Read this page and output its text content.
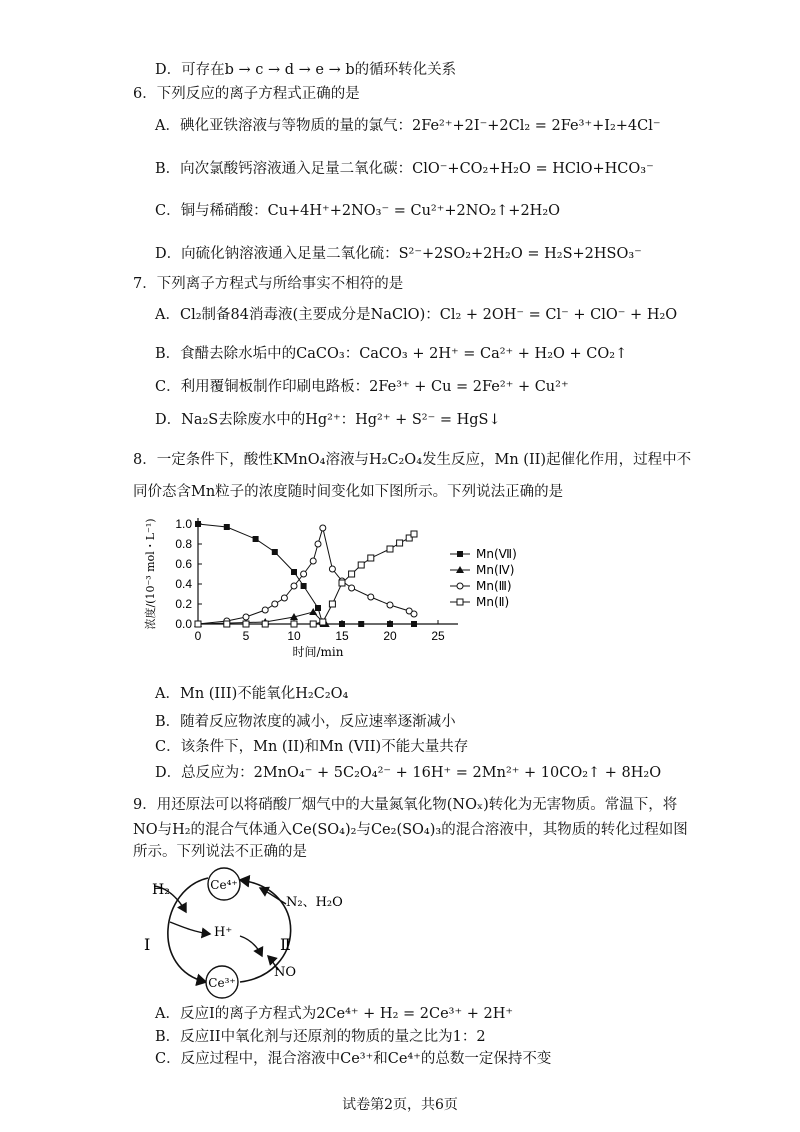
D．可存在b → c → d → e → b的循环转化关系
6．下列反应的离子方程式正确的是
A．碘化亚铁溶液与等物质的量的氯气：2Fe²⁺+2I⁻+2Cl₂ = 2Fe³⁺+I₂+4Cl⁻
B．向次氯酸钙溶液通入足量二氧化碳：ClO⁻+CO₂+H₂O = HClO+HCO₃⁻
C．铜与稀硝酸：Cu+4H⁺+2NO₃⁻ = Cu²⁺+2NO₂↑+2H₂O
D．向硫化钠溶液通入足量二氧化硫：S²⁻+2SO₂+2H₂O = H₂S+2HSO₃⁻
7．下列离子方程式与所给事实不相符的是
A．Cl₂制备84消毒液(主要成分是NaClO)：Cl₂ + 2OH⁻ = Cl⁻ + ClO⁻ + H₂O
B．食醋去除水垢中的CaCO₃：CaCO₃ + 2H⁺ = Ca²⁺ + H₂O + CO₂↑
C．利用覆铜板制作印刷电路板：2Fe³⁺ + Cu = 2Fe²⁺ + Cu²⁺
D．Na₂S去除废水中的Hg²⁺：Hg²⁺ + S²⁻ = HgS↓
8．一定条件下，酸性KMnO₄溶液与H₂C₂O₄发生反应，Mn (II)起催化作用，过程中不
同价态含Mn粒子的浓度随时间变化如下图所示。下列说法正确的是
0	5	10	15	20	25
0.0
0.2
0.4
0.6
0.8
1.0
时间/min
浓度/(10⁻³ mol・L⁻¹)	Mn(Ⅶ)
Mn(Ⅳ)
Mn(Ⅲ)
Mn(Ⅱ)
A．Mn (III)不能氧化H₂C₂O₄
B．随着反应物浓度的减小，反应速率逐渐减小
C．该条件下，Mn (II)和Mn (VII)不能大量共存
D．总反应为：2MnO₄⁻ + 5C₂O₄²⁻ + 16H⁺ = 2Mn²⁺ + 10CO₂↑ + 8H₂O
9．用还原法可以将硝酸厂烟气中的大量氮氧化物(NOₓ)转化为无害物质。常温下，将
NO与H₂的混合气体通入Ce(SO₄)₂与Ce₂(SO₄)₃的混合溶液中，其物质的转化过程如图
所示。下列说法不正确的是
H₂	Ce⁴⁺
N₂、H₂O
H⁺
Ⅰ	Ⅱ
NO
Ce³⁺
A．反应I的离子方程式为2Ce⁴⁺ + H₂ = 2Ce³⁺ + 2H⁺
B．反应II中氧化剂与还原剂的物质的量之比为1：2
C．反应过程中，混合溶液中Ce³⁺和Ce⁴⁺的总数一定保持不变
试卷第2页，共6页
